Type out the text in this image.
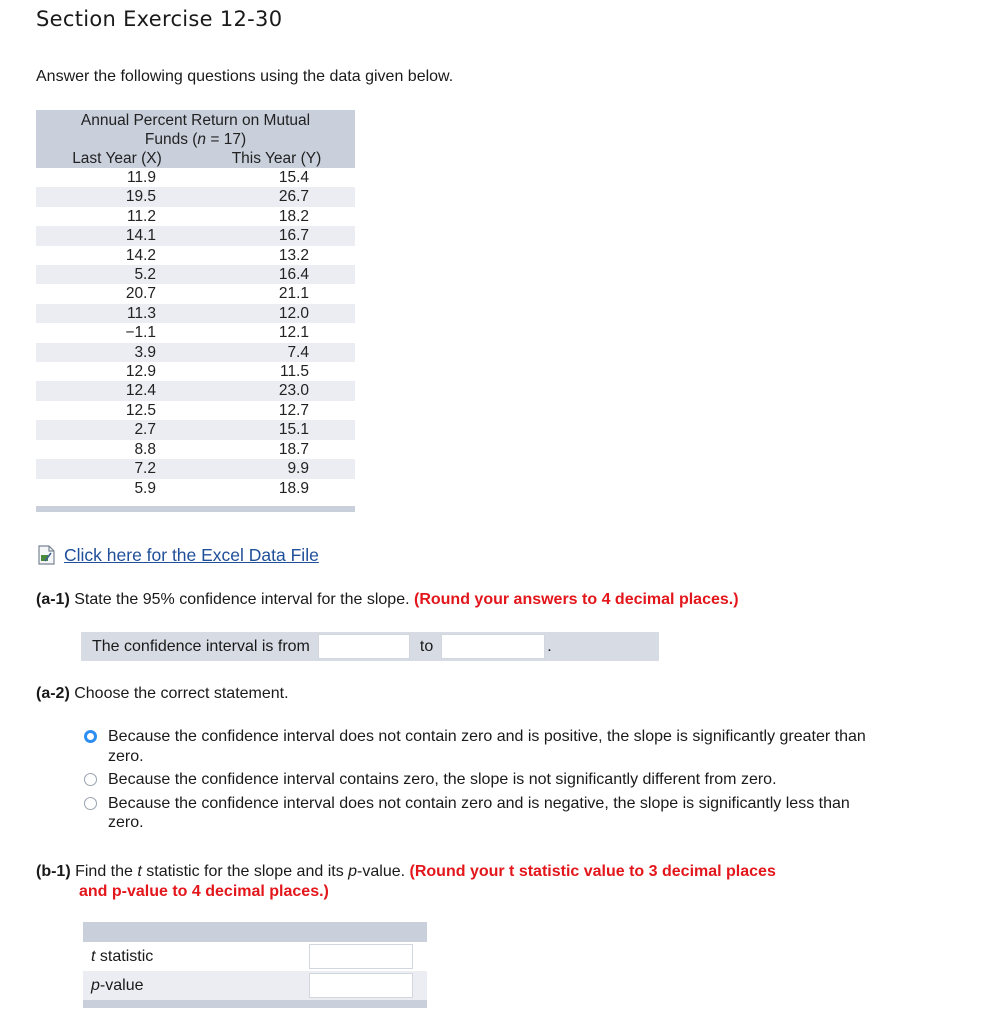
Section Exercise 12-30
Answer the following questions using the data given below.
Annual Percent Return on Mutual
Funds (n = 17)	
Last Year (X)	This Year (Y)
11.9	15.4
19.5	26.7
11.2	18.2
14.1	16.7
14.2	13.2
5.2	16.4
20.7	21.1
11.3	12.0
−1.1	12.1
3.9	7.4
12.9	11.5
12.4	23.0
12.5	12.7
2.7	15.1
8.8	18.7
7.2	9.9
5.9	18.9
Click here for the Excel Data File
(a-1) State the 95% confidence interval for the slope. (Round your answers to 4 decimal places.)
The confidence interval is from	to	.
(a-2) Choose the correct statement.
Because the confidence interval does not contain zero and is positive, the slope is significantly greater than zero.
Because the confidence interval contains zero, the slope is not significantly different from zero.
Because the confidence interval does not contain zero and is negative, the slope is significantly less than zero.
(b-1) Find the t statistic for the slope and its p-value. (Round your t statistic value to 3 decimal places
and p-value to 4 decimal places.)
t statistic
p-value
